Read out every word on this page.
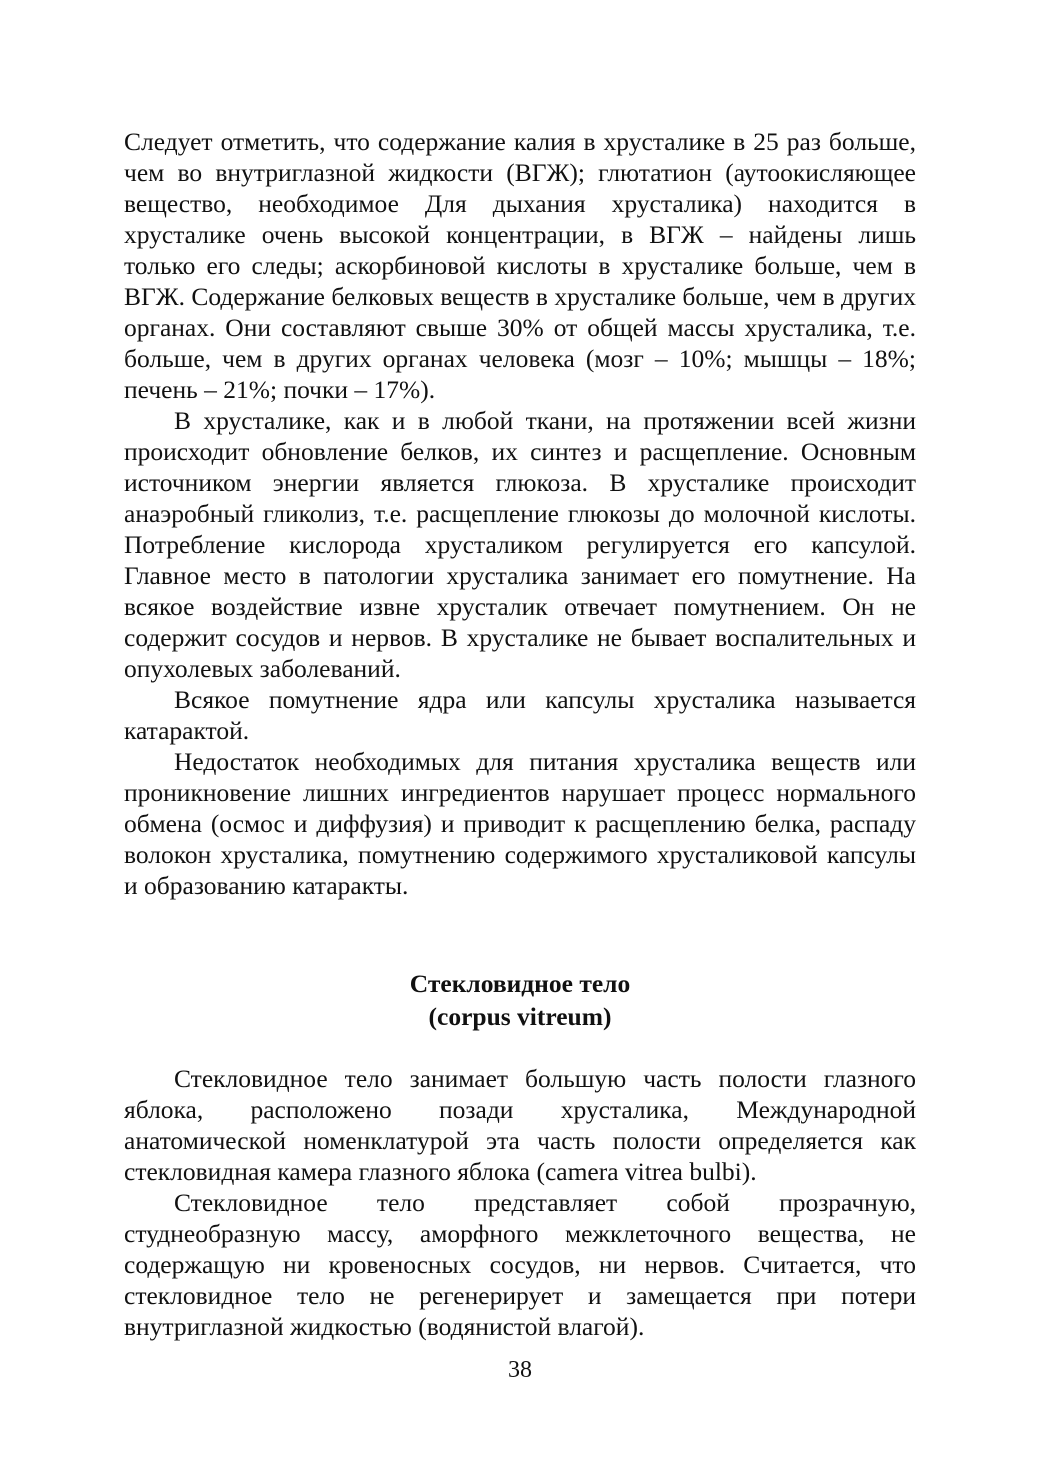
Следует отметить, что содержание калия в хрусталике в 25 раз больше, чем во внутриглазной жидкости (ВГЖ); глютатион (аутоокисляющее вещество, необходимое Для дыхания хрусталика) находится в хрусталике очень высокой концентрации, в ВГЖ – найдены лишь только его следы; аскорбиновой кислоты в хрусталике больше, чем в ВГЖ. Содержание белковых веществ в хрусталике больше, чем в других органах. Они составляют свыше 30% от общей массы хрусталика, т.е. больше, чем в других органах человека (мозг – 10%; мышцы – 18%; печень – 21%; почки – 17%).

В хрусталике, как и в любой ткани, на протяжении всей жизни происходит обновление белков, их синтез и расщепление. Основным источником энергии является глюкоза. В хрусталике происходит анаэробный гликолиз, т.е. расщепление глюкозы до молочной кислоты. Потребление кислорода хрусталиком регулируется его капсулой. Главное место в патологии хрусталика занимает его помутнение. На всякое воздействие извне хрусталик отвечает помутнением. Он не содержит сосудов и нервов. В хрусталике не бывает воспалительных и опухолевых заболеваний.

Всякое помутнение ядра или капсулы хрусталика называется катарактой.

Недостаток необходимых для питания хрусталика веществ или проникновение лишних ингредиентов нарушает процесс нормального обмена (осмос и диффузия) и приводит к расщеплению белка, распаду волокон хрусталика, помутнению содержимого хрусталиковой капсулы и образованию катаракты.

Стекловидное тело
(corpus vitreum)

Стекловидное тело занимает большую часть полости глазного яблока, расположено позади хрусталика, Международной анатомической номенклатурой эта часть полости определяется как стекловидная камера глазного яблока (camera vitrea bulbi).

Стекловидное тело представляет собой прозрачную, студнеобразную массу, аморфного межклеточного вещества, не содержащую ни кровеносных сосудов, ни нервов. Считается, что стекловидное тело не регенерирует и замещается при потери внутриглазной жидкостью (водянистой влагой).

38
